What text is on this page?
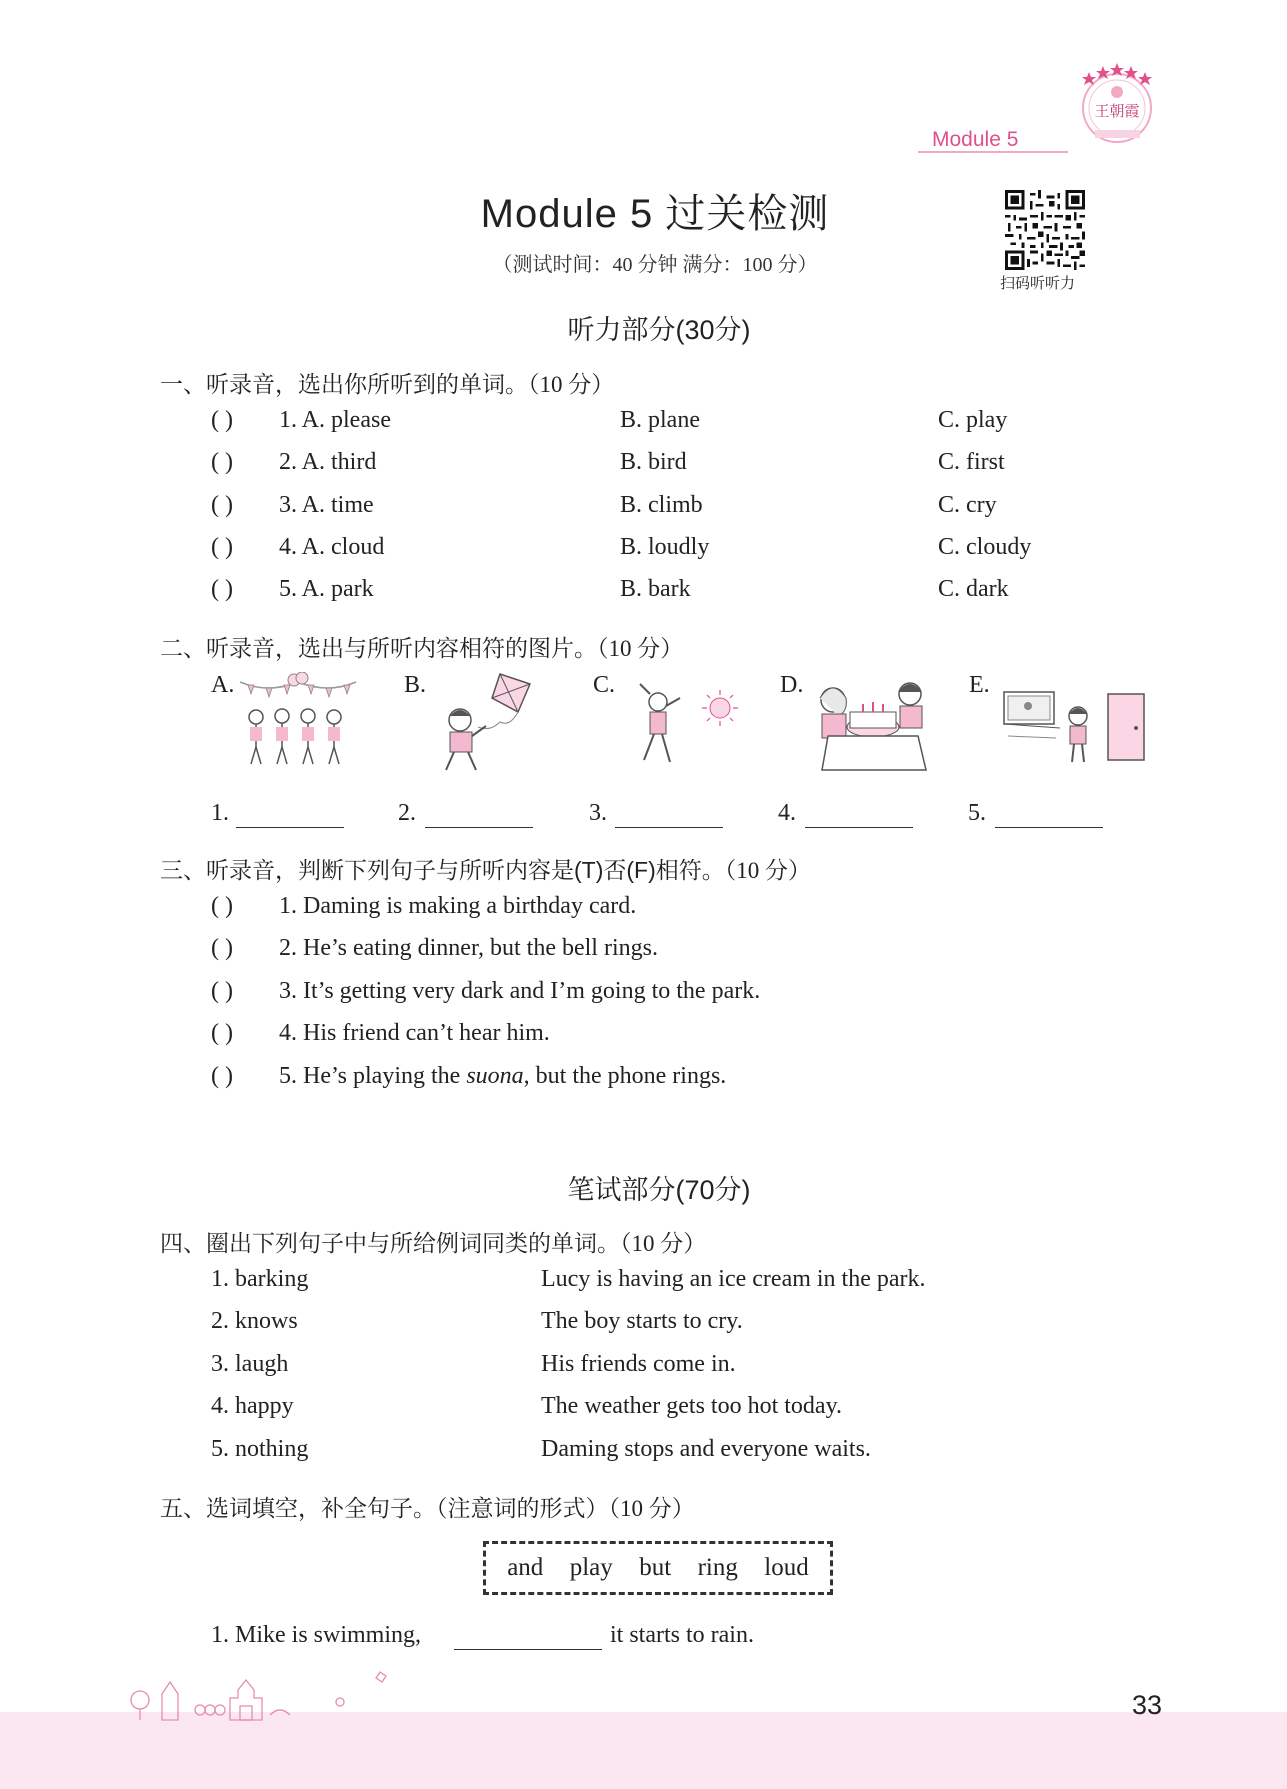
Module 5
王朝霞
Module 5 过关检测
（测试时间：40 分钟 满分：100 分）
扫码听听力
听力部分(30分)
一、听录音，选出你所听到的单词。（10 分）
( ) 1. A. please	B. plane	C. play
( ) 2. A. third	B. bird	C. first
( ) 3. A. time	B. climb	C. cry
( ) 4. A. cloud	B. loudly	C. cloudy
( ) 5. A. park	B. bark	C. dark
二、听录音，选出与所听内容相符的图片。（10 分）
A.	B.	C.	D.	E.
1.	2.	3.	4.	5.
三、听录音，判断下列句子与所听内容是(T)否(F)相符。（10 分）
( ) 1. Daming is making a birthday card.
( ) 2. He’s eating dinner, but the bell rings.
( ) 3. It’s getting very dark and I’m going to the park.
( ) 4. His friend can’t hear him.
( ) 5. He’s playing the suona, but the phone rings.
笔试部分(70分)
四、圈出下列句子中与所给例词同类的单词。（10 分）
1. barking	Lucy is having an ice cream in the park.
2. knows	The boy starts to cry.
3. laugh	His friends come in.
4. happy	The weather gets too hot today.
5. nothing	Daming stops and everyone waits.
五、选词填空，补全句子。（注意词的形式）（10 分）
and play but ring loud
1. Mike is swimming,	it starts to rain.
33
